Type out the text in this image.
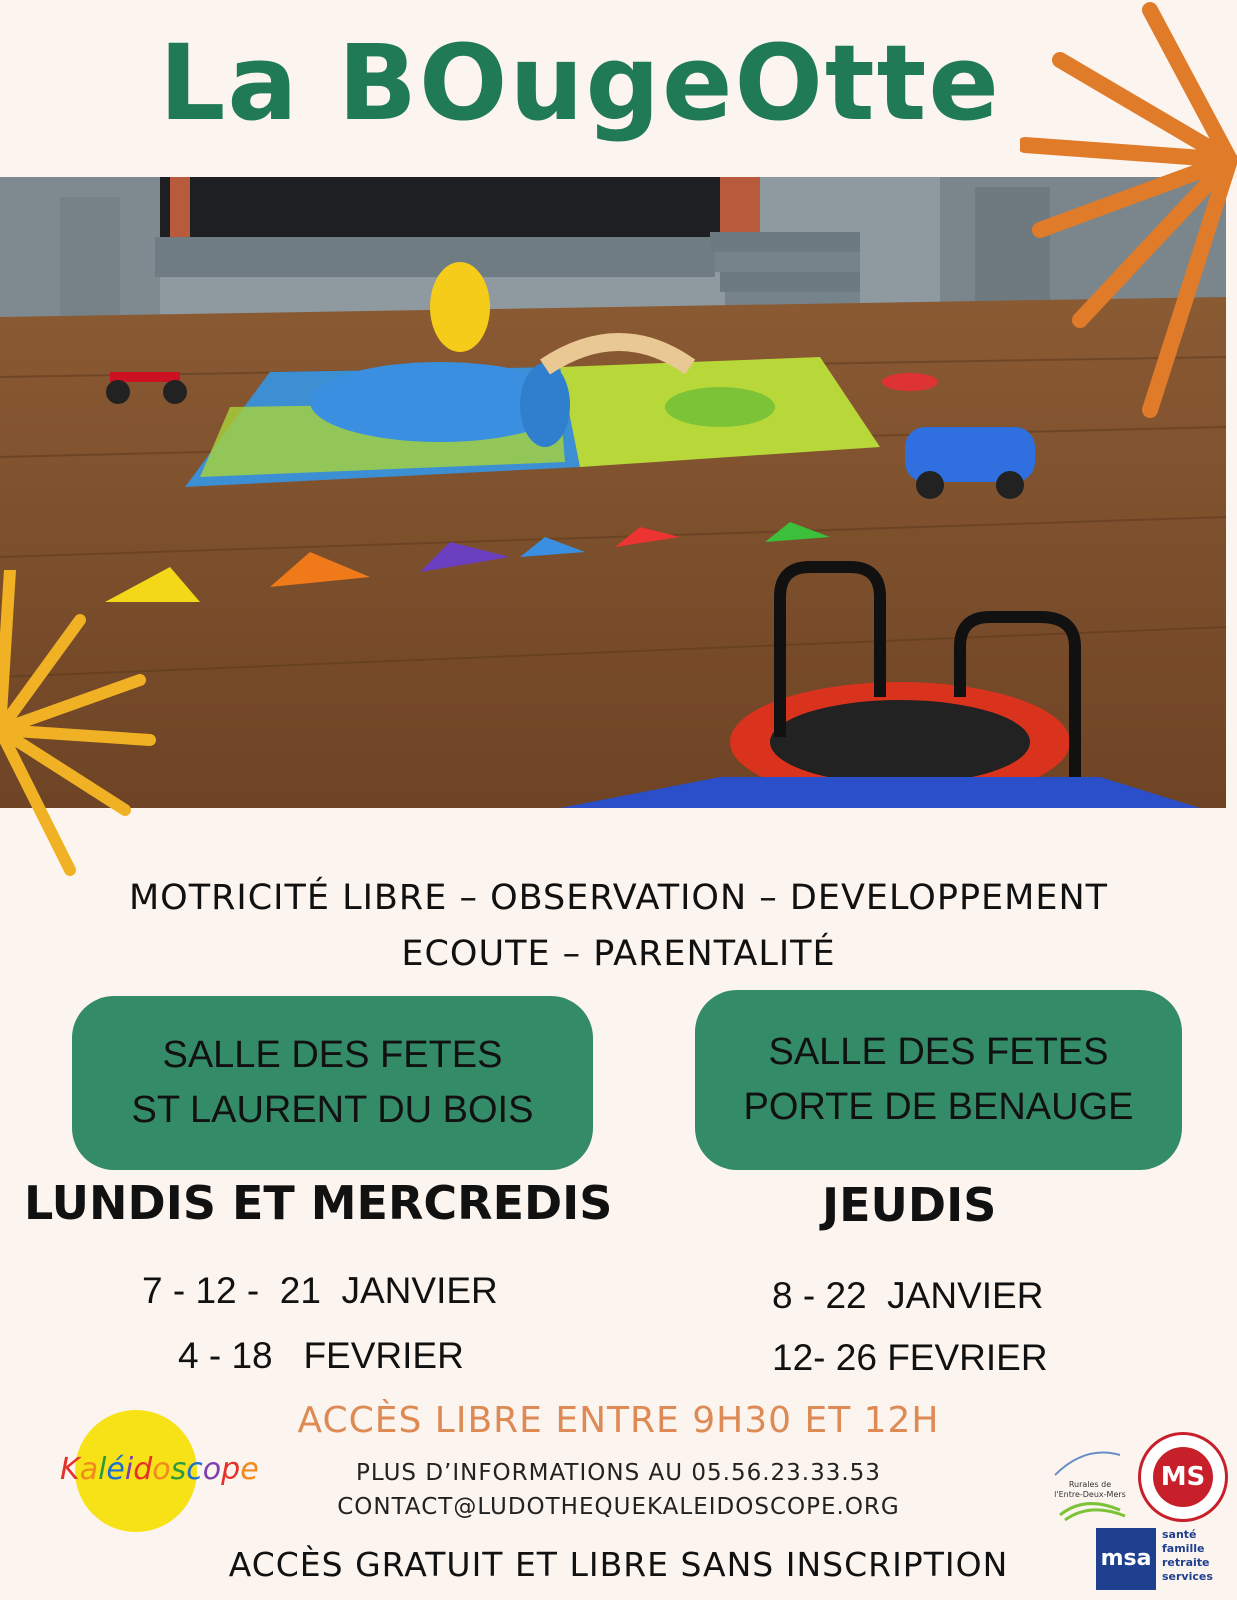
La BOugeOtte
MOTRICITÉ LIBRE – OBSERVATION – DEVELOPPEMENT
ECOUTE – PARENTALITÉ
SALLE DES FETES
ST LAURENT DU BOIS
LUNDIS ET MERCREDIS
7 - 12 -  21  JANVIER
4 - 18   FEVRIER
SALLE DES FETES
PORTE DE BENAUGE
JEUDIS
8 - 22  JANVIER
12- 26 FEVRIER
ACCÈS LIBRE ENTRE 9H30 ET 12H
PLUS D’INFORMATIONS AU 05.56.23.33.53
CONTACT@LUDOTHEQUEKALEIDOSCOPE.ORG
ACCÈS GRATUIT ET LIBRE SANS INSCRIPTION
Kaléidoscope	Rurales de
l'Entre-Deux-Mers
MS
msa
santé
famille
retraite
services
